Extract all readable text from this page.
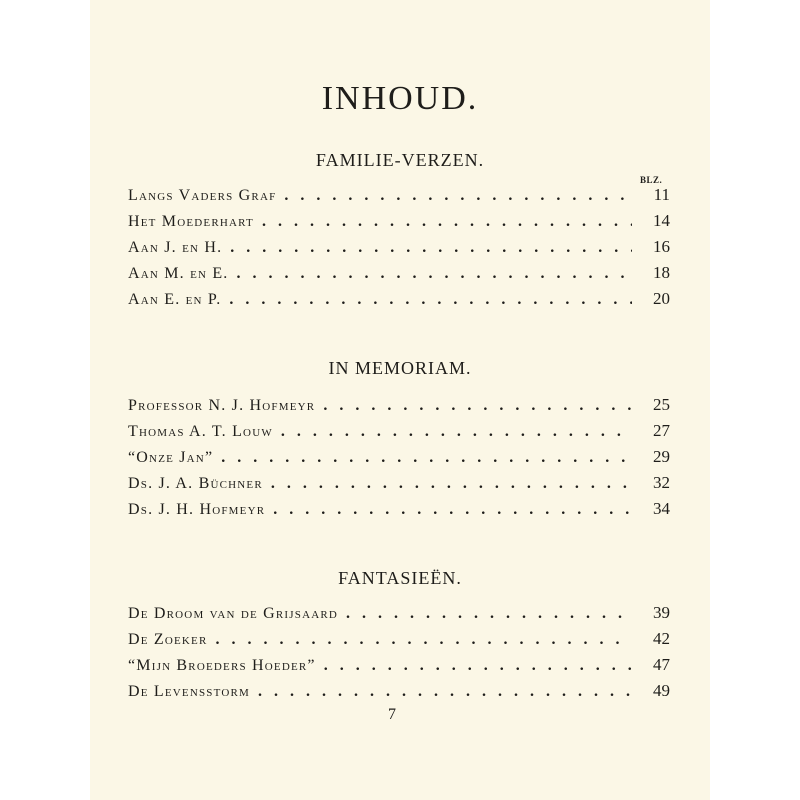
INHOUD.
FAMILIE-VERZEN.
BLZ.
Langs Vaders Graf . . .	11
Het Moederhart . . .	14
Aan J. en H. . . .	16
Aan M. en E. . . .	18
Aan E. en P. . . .	20
IN MEMORIAM.
Professor N. J. Hofmeyr . . .	25
Thomas A. T. Louw . . .	27
“Onze Jan” . . .	29
Ds. J. A. Büchner . . .	32
Ds. J. H. Hofmeyr . . .	34
FANTASIEËN.
De Droom van de Grijsaard . . .	39
De Zoeker . . .	42
“Mijn Broeders Hoeder” . . .	47
De Levensstorm . . .	49
7
